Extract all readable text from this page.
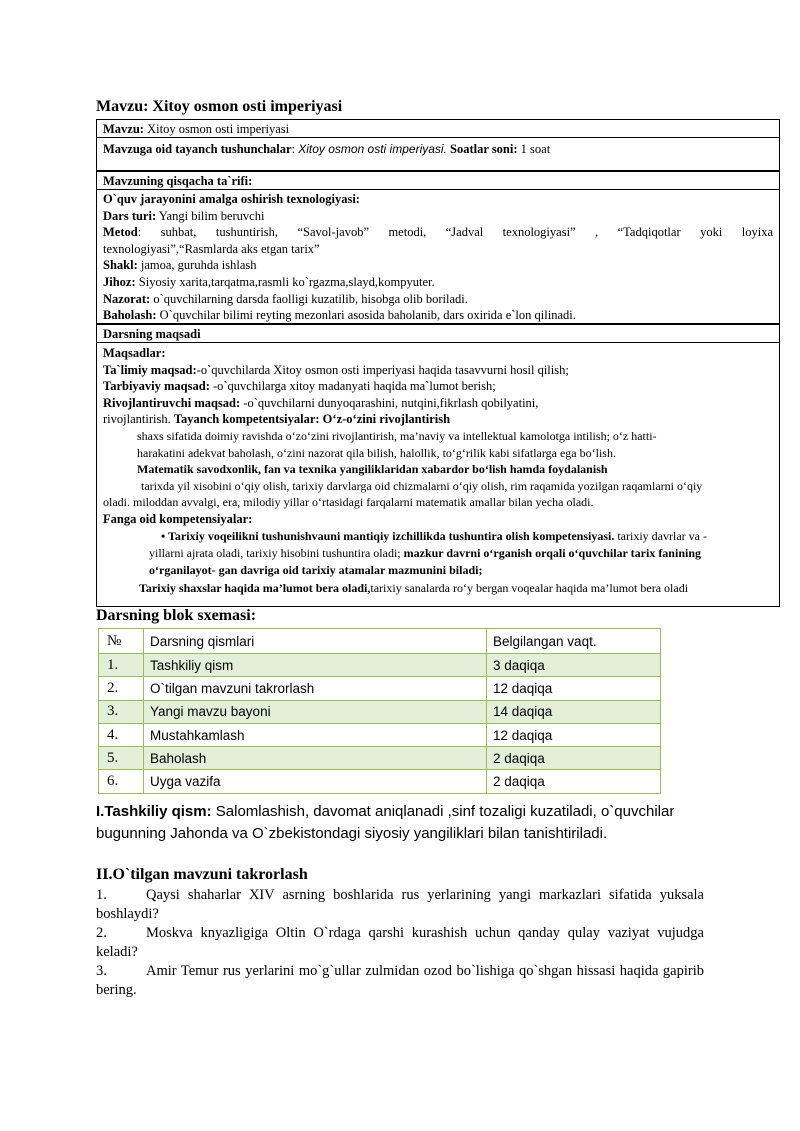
Mavzu: Xitoy osmon osti imperiyasi
Mavzu: Xitoy osmon osti imperiyasi
Mavzuga oid tayanch tushunchalar: Xitoy osmon osti imperiyasi. Soatlar soni: 1 soat
Mavzuning qisqacha ta`rifi:
O`quv jarayonini amalga oshirish texnologiyasi:
Dars turi: Yangi bilim beruvchi
Metod: suhbat, tushuntirish, “Savol-javob” metodi, “Jadval texnologiyasi” , “Tadqiqotlar yoki loyixa
texnologiyasi”,“Rasmlarda aks etgan tarix”
Shakl: jamoa, guruhda ishlash
Jihoz: Siyosiy xarita,tarqatma,rasmli ko`rgazma,slayd,kompyuter.
Nazorat: o`quvchilarning darsda faolligi kuzatilib, hisobga olib boriladi.
Baholash: O`quvchilar bilimi reyting mezonlari asosida baholanib, dars oxirida e`lon qilinadi.
Darsning maqsadi
Maqsadlar:
Ta`limiy maqsad:-o`quvchilarda Xitoy osmon osti imperiyasi haqida tasavvurni hosil qilish;
Tarbiyaviy maqsad: -o`quvchilarga xitoy madanyati haqida ma`lumot berish;
Rivojlantiruvchi maqsad: -o`quvchilarni dunyoqarashini, nutqini,fikrlash qobilyatini,
rivojlantirish. Tayanch kompetentsiyalar: O‘z-o‘zini rivojlantirish
shaxs sifatida doimiy ravishda o‘zo‘zini rivojlantirish, ma’naviy va intellektual kamolotga intilish; o‘z hatti-
harakatini adekvat baholash, o‘zini nazorat qila bilish, halollik, to‘g‘rilik kabi sifatlarga ega bo‘lish.
Matematik savodxonlik, fan va texnika yangiliklaridan xabardor bo‘lish hamda foydalanish
tarixda yil xisobini o‘qiy olish, tarixiy darvlarga oid chizmalarni o‘qiy olish, rim raqamida yozilgan raqamlarni o‘qiy
oladi. miloddan avvalgi, era, milodiy yillar o‘rtasidagi farqalarni matematik amallar bilan yecha oladi.
Fanga oid kompetensiyalar:
• Tarixiy voqeilikni tushunishvauni mantiqiy izchillikda tushuntira olish kompetensiyasi. tarixiy davrlar va -
yillarni ajrata oladi, tarixiy hisobini tushuntira oladi; mazkur davrni o‘rganish orqali o‘quvchilar tarix fanining
o‘rganilayot- gan davriga oid tarixiy atamalar mazmunini biladi;
Tarixiy shaxslar haqida ma’lumot bera oladi,tarixiy sanalarda ro‘y bergan voqealar haqida ma’lumot bera oladi
Darsning blok sxemasi:
№	Darsning qismlari	Belgilangan vaqt.
1.	Tashkiliy qism	3 daqiqa
2.	O`tilgan mavzuni takrorlash	12 daqiqa
3.	Yangi mavzu bayoni	14 daqiqa
4.	Mustahkamlash	12 daqiqa
5.	Baholash	2 daqiqa
6.	Uyga vazifa	2 daqiqa
I.Tashkiliy qism: Salomlashish, davomat aniqlanadi ,sinf tozaligi kuzatiladi, o`quvchilar bugunning Jahonda va O`zbekistondagi siyosiy yangiliklari bilan tanishtiriladi.
II.O`tilgan mavzuni takrorlash
1.	Qaysi shaharlar XIV asrning boshlarida rus yerlarining yangi markazlari sifatida yuksala boshlaydi?
2.	Moskva knyazligiga Oltin O`rdaga qarshi kurashish uchun qanday qulay vaziyat vujudga keladi?
3.	Amir Temur rus yerlarini mo`g`ullar zulmidan ozod bo`lishiga qo`shgan hissasi haqida gapirib bering.
